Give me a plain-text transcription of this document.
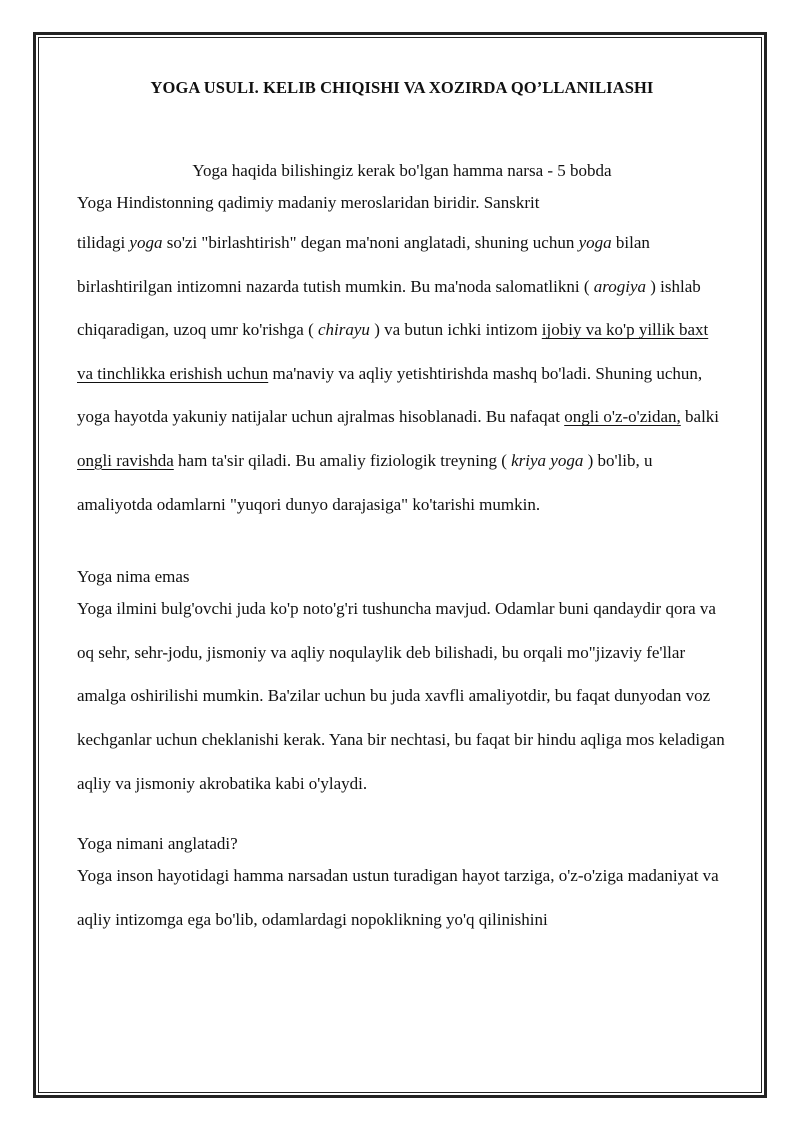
YOGA USULI. KELIB CHIQISHI VA XOZIRDA QO’LLANILIASHI
Yoga haqida bilishingiz kerak bo'lgan hamma narsa - 5 bobda

Yoga Hindistonning qadimiy madaniy meroslaridan biridir. Sanskrit

tilidagi yoga so'zi "birlashtirish" degan ma'noni anglatadi, shuning uchun yoga bilan birlashtirilgan intizomni nazarda tutish mumkin. Bu ma'noda salomatlikni ( arogiya ) ishlab chiqaradigan, uzoq umr ko'rishga ( chirayu ) va butun ichki intizom ijobiy va ko'p yillik baxt va tinchlikka erishish uchun ma'naviy va aqliy yetishtirishda mashq bo'ladi. Shuning uchun, yoga hayotda yakuniy natijalar uchun ajralmas hisoblanadi. Bu nafaqat ongli o'z-o'zidan, balki ongli ravishda ham ta'sir qiladi. Bu amaliy fiziologik treyning ( kriya yoga ) bo'lib, u amaliyotda odamlarni "yuqori dunyo darajasiga" ko'tarishi mumkin.

Yoga nima emas

Yoga ilmini bulg'ovchi juda ko'p noto'g'ri tushuncha mavjud. Odamlar buni qandaydir qora va oq sehr, sehr-jodu, jismoniy va aqliy noqulaylik deb bilishadi, bu orqali mo"jizaviy fe'llar amalga oshirilishi mumkin. Ba'zilar uchun bu juda xavfli amaliyotdir, bu faqat dunyodan voz kechganlar uchun cheklanishi kerak. Yana bir nechtasi, bu faqat bir hindu aqliga mos keladigan aqliy va jismoniy akrobatika kabi o'ylaydi.

Yoga nimani anglatadi?

Yoga inson hayotidagi hamma narsadan ustun turadigan hayot tarziga, o'z-o'ziga madaniyat va aqliy intizomga ega bo'lib, odamlardagi nopoklikning yo'q qilinishini
